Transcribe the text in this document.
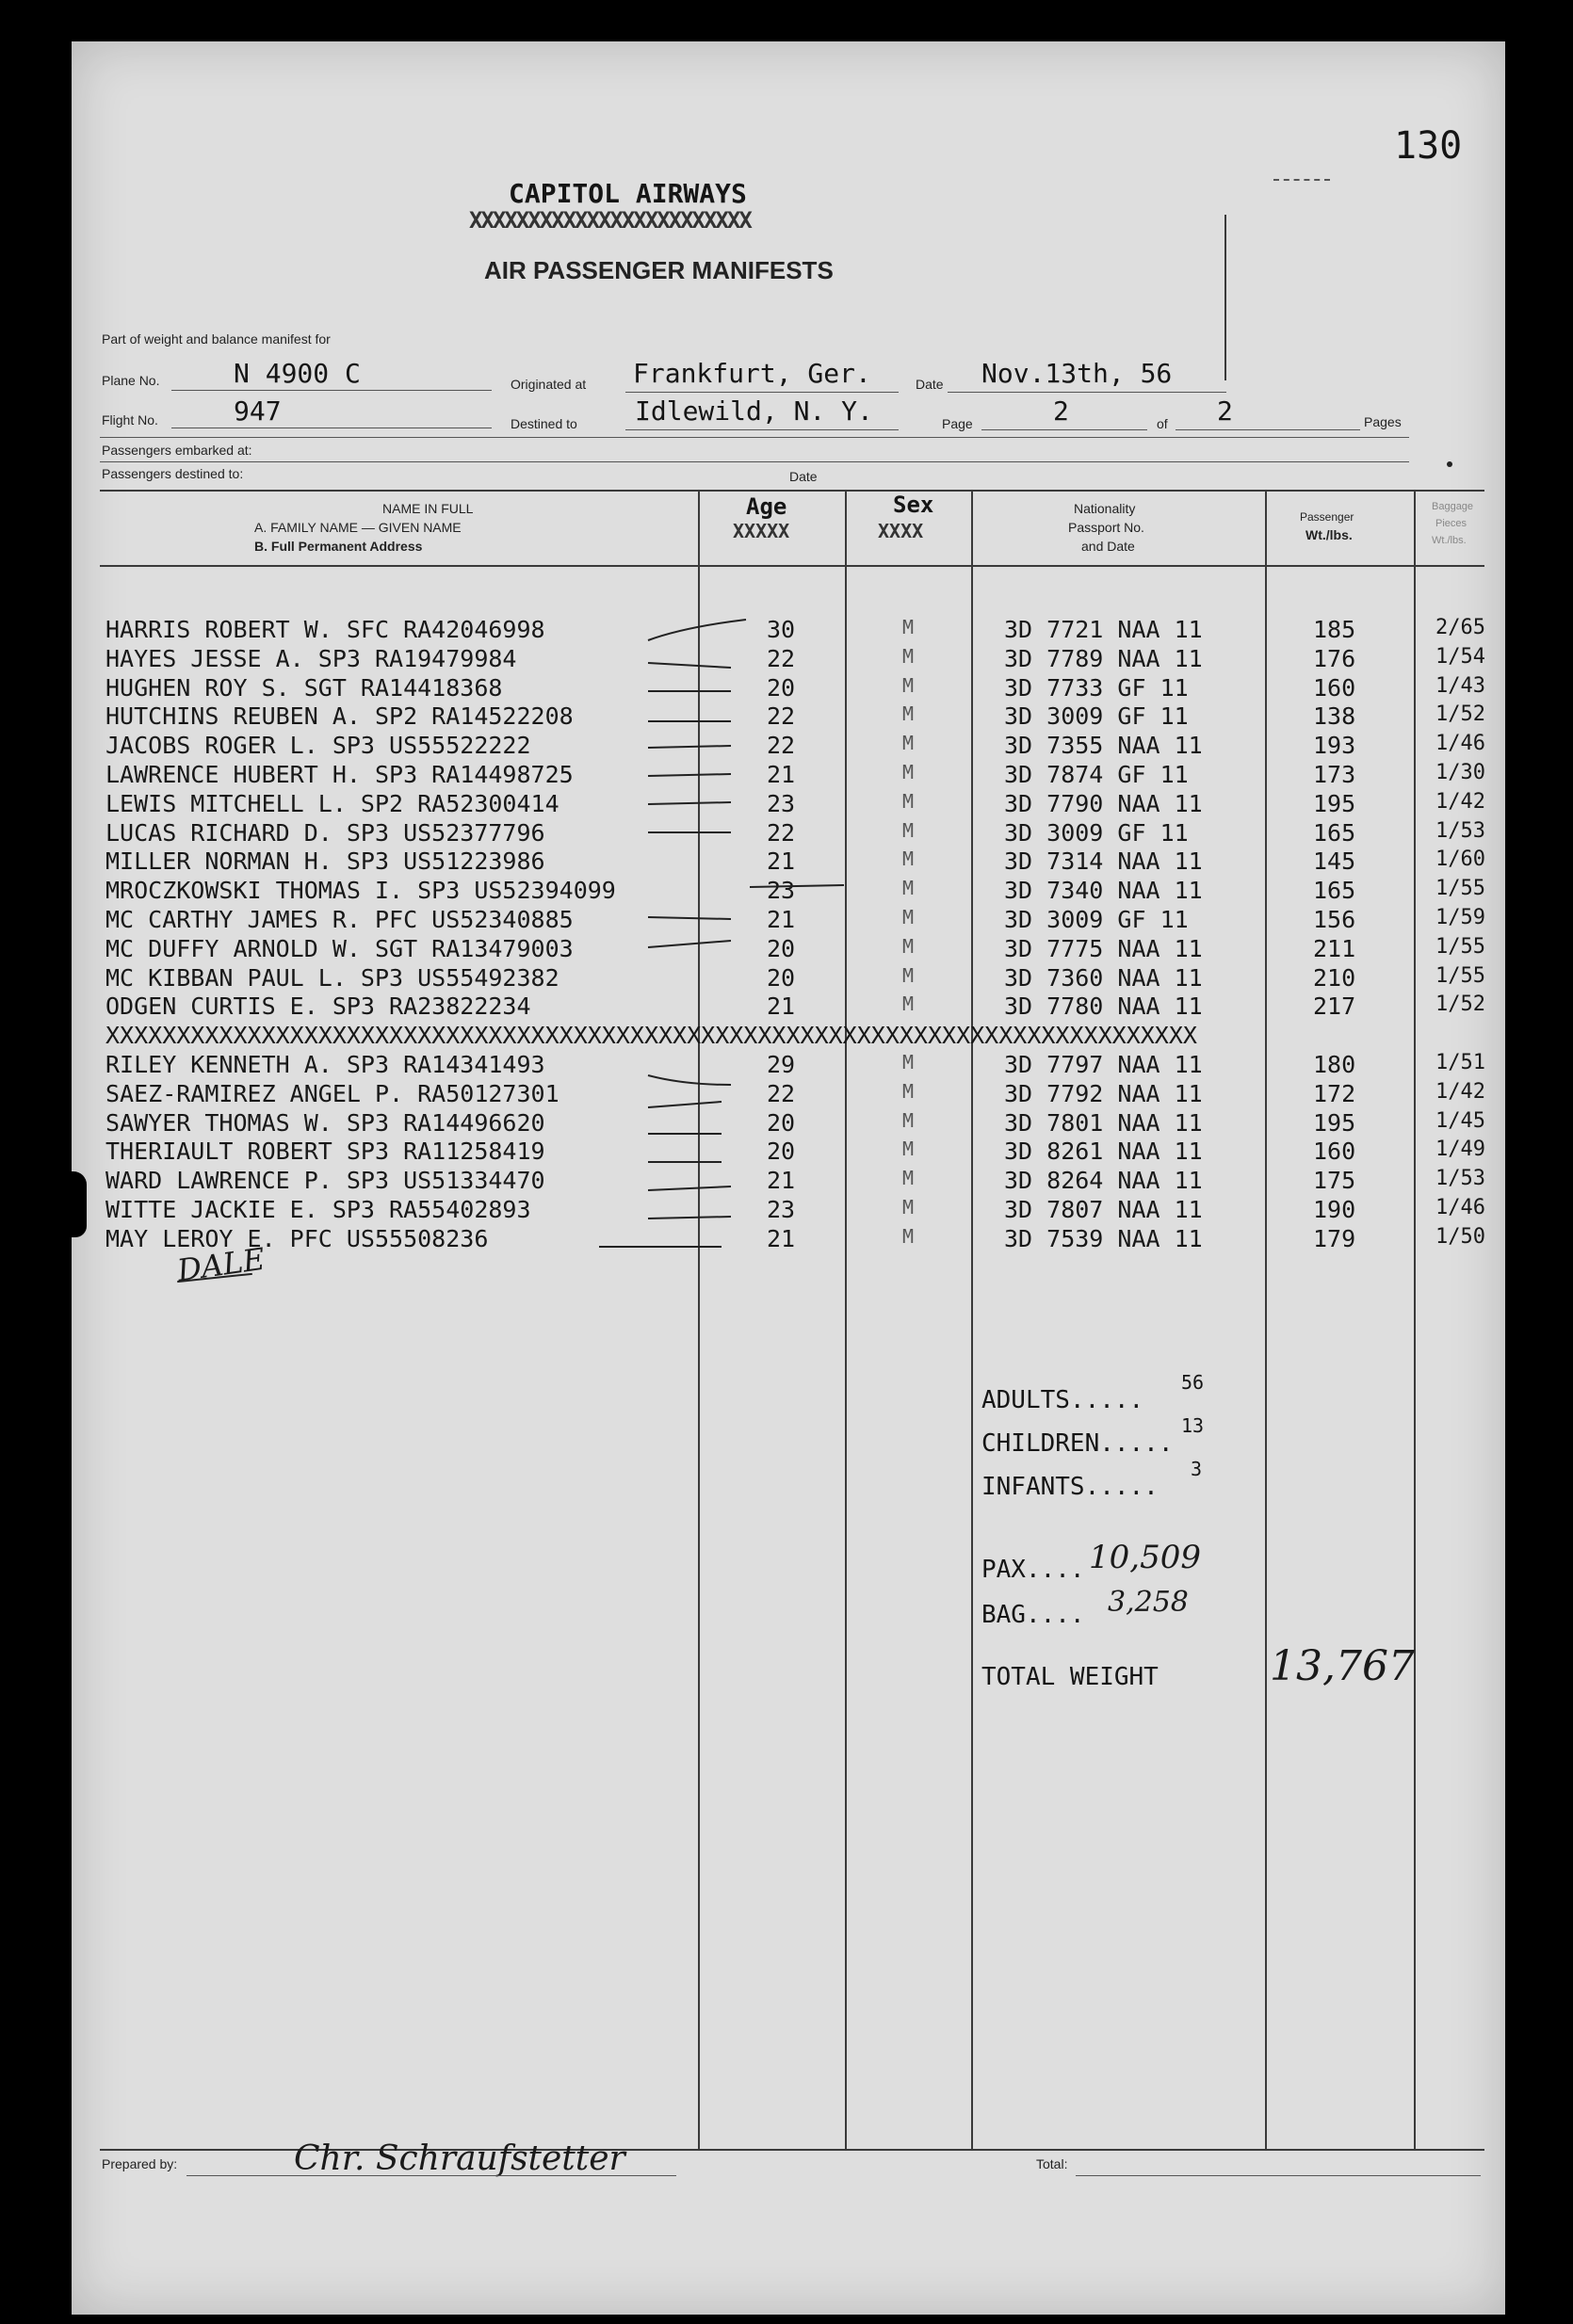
130
CAPITOL AIRWAYS
XXXXXXXXXXXXXXXXXXXXXXXX
AIR PASSENGER MANIFESTS
Part of weight and balance manifest for
Plane No.	N 4900 C
Flight No.	947
Originated at Frankfurt, Ger.
Destined to Idlewild, N. Y.
Date Nov.13th, 56
Page	2	of 2	Pages
Passengers embarked at:
Passengers destined to:	Date
NAME IN FULL
A. FAMILY NAME — GIVEN NAME
B. Full Permanent Address
Age
XXXXX
Sex
XXXX
Nationality
Passport No.
and Date
Passenger
Wt./lbs.
Baggage
Pieces
Wt./lbs.
HARRIS ROBERT W. SFC RA42046998	30	M	3D 7721 NAA 11	185	2/65
HAYES JESSE A. SP3 RA19479984	22	M	3D 7789 NAA 11	176	1/54
HUGHEN ROY S. SGT RA14418368	20	M	3D 7733 GF 11	160	1/43
HUTCHINS REUBEN A. SP2 RA14522208	22	M	3D 3009 GF 11	138	1/52
JACOBS ROGER L. SP3 US55522222	22	M	3D 7355 NAA 11	193	1/46
LAWRENCE HUBERT H. SP3 RA14498725	21	M	3D 7874 GF 11	173	1/30
LEWIS MITCHELL L. SP2 RA52300414	23	M	3D 7790 NAA 11	195	1/42
LUCAS RICHARD D. SP3 US52377796	22	M	3D 3009 GF 11	165	1/53
MILLER NORMAN H. SP3 US51223986	21	M	3D 7314 NAA 11	145	1/60
MROCZKOWSKI THOMAS I. SP3 US52394099	23	M	3D 7340 NAA 11	165	1/55
MC CARTHY JAMES R. PFC US52340885	21	M	3D 3009 GF 11	156	1/59
MC DUFFY ARNOLD W. SGT RA13479003	20	M	3D 7775 NAA 11	211	1/55
MC KIBBAN PAUL L. SP3 US55492382	20	M	3D 7360 NAA 11	210	1/55
ODGEN CURTIS E. SP3 RA23822234	21	M	3D 7780 NAA 11	217	1/52
XXXXXXXXXXXXXXXXXXXXXXXXXXXXXXXXXXXXXXXXXXXXXXXXXXXXXXXXXXXXXXXXXXXXXXXXXXXXX
RILEY KENNETH A. SP3 RA14341493	29	M	3D 7797 NAA 11	180	1/51
SAEZ-RAMIREZ ANGEL P. RA50127301	22	M	3D 7792 NAA 11	172	1/42
SAWYER THOMAS W. SP3 RA14496620	20	M	3D 7801 NAA 11	195	1/45
THERIAULT ROBERT SP3 RA11258419	20	M	3D 8261 NAA 11	160	1/49
WARD LAWRENCE P. SP3 US51334470	21	M	3D 8264 NAA 11	175	1/53
WITTE JACKIE E. SP3 RA55402893	23	M	3D 7807 NAA 11	190	1/46
MAY LEROY E. PFC US55508236	21	M	3D 7539 NAA 11	179	1/50
DALE
ADULTS.....
56
CHILDREN.....
13
INFANTS.....
3
PAX.... 10,509
BAG.... 3,258
TOTAL WEIGHT	13,767
Prepared by:	Chr. Schraufstetter	Total:
